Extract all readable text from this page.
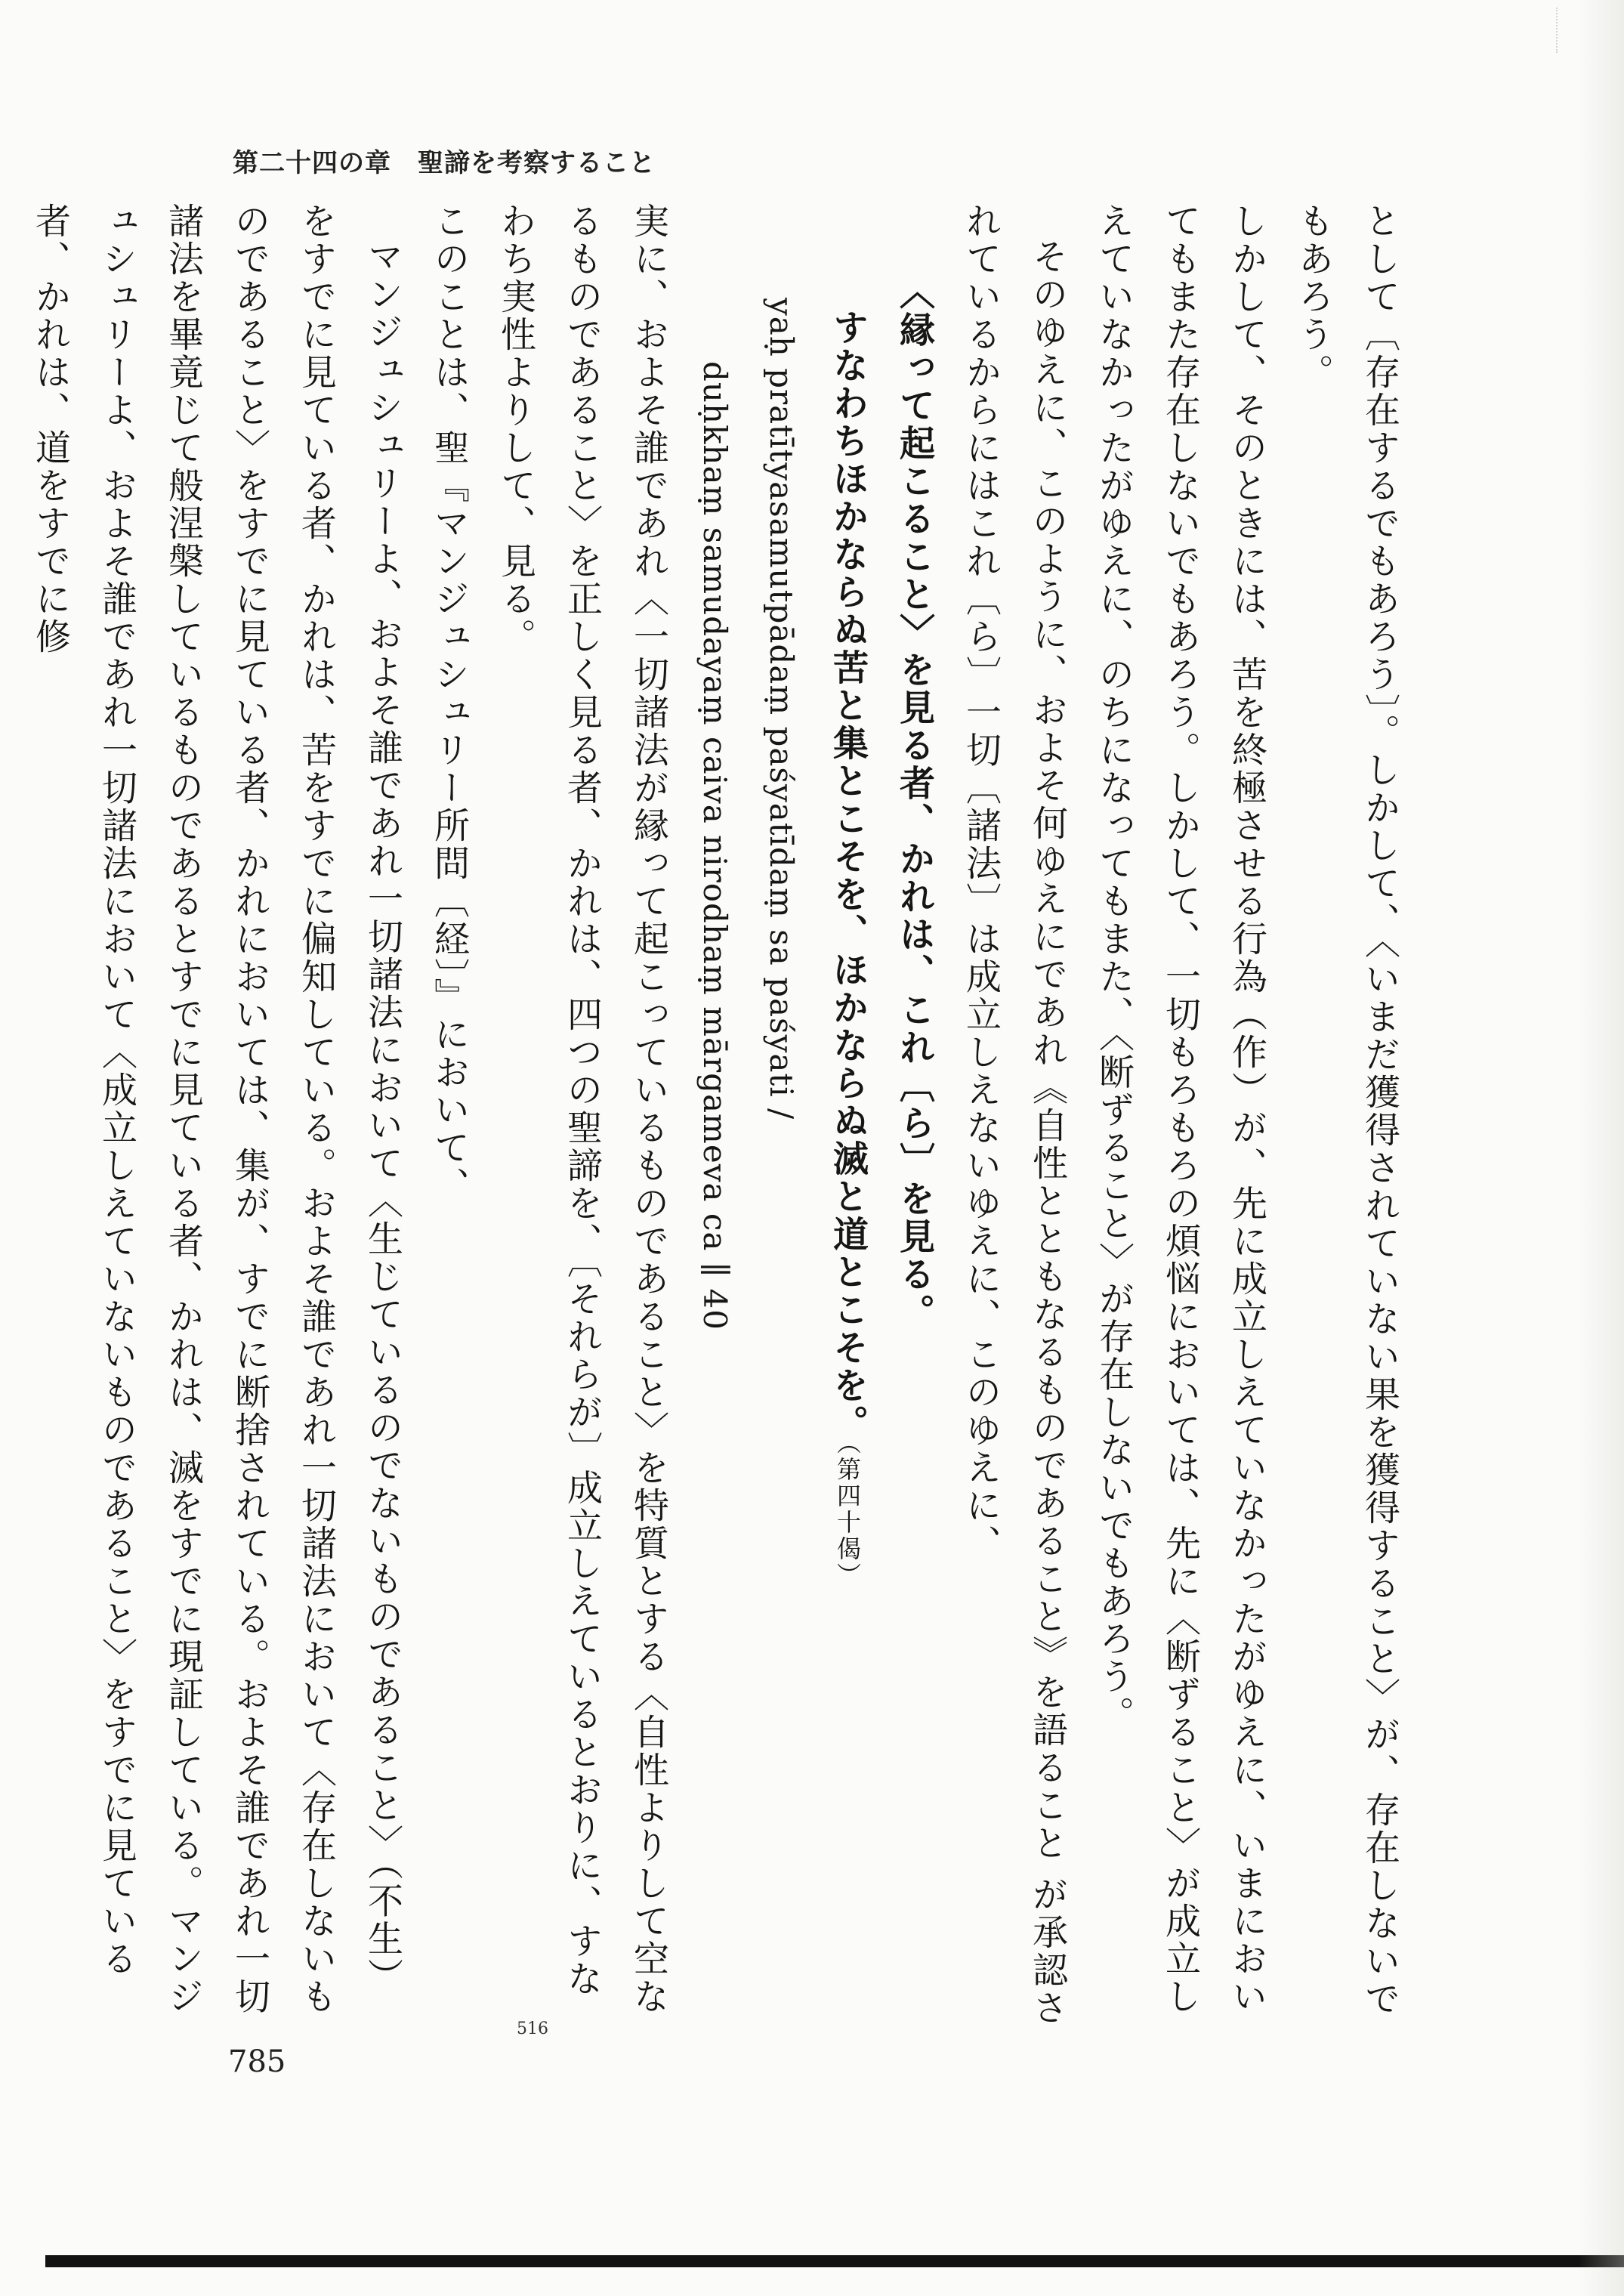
第二十四の章　聖諦を考察すること

として〔存在するでもあろう〕。しかして、〈いまだ獲得されていない果を獲得すること〉が、存在しないでもあろう。

しかして、そのときには、苦を終極させる行為（作）が、先に成立しえていなかったがゆえに、いまにおいてもまた存在しないでもあろう。しかして、一切もろもろの煩悩においては、先に〈断ずること〉が成立しえていなかったがゆえに、のちになってもまた、〈断ずること〉が存在しないでもあろう。

そのゆえに、このように、およそ何ゆえにであれ《自性とともなるものであること》を語ること が承認されているからにはこれ〔ら〕一切〔諸法〕は成立しえないゆえに、このゆえに、

〈縁って起こること〉を見る者、かれは、これ〔ら〕を見る。

すなわちほかならぬ苦と集とこそを、ほかならぬ滅と道とこそを。（第四十偈）

yaḥ pratītyasamutpādaṃ paśyatīdaṃ sa paśyati /

duḥkhaṃ samudayaṃ caiva nirodhaṃ mārgameva ca ∥ 40

実に、およそ誰であれ〈一切諸法が縁って起こっているものであること〉を特質とする〈自性よりして空なるものであること〉を正しく見る者、かれは、四つの聖諦を、〔それらが〕成立しえているとおりに、すなわち実性よりして、見る。

このことは、聖『マンジュシュリー所問〔経〕』において、

マンジュシュリーよ、およそ誰であれ一切諸法において〈生じているのでないものであること〉（不生）をすでに見ている者、かれは、苦をすでに偏知している。およそ誰であれ一切諸法において〈存在しないものであること〉をすでに見ている者、かれにおいては、集が、すでに断捨されている。およそ誰であれ一切諸法を畢竟じて般涅槃しているものであるとすでに見ている者、かれは、滅をすでに現証している。マンジュシュリーよ、およそ誰であれ一切諸法において〈成立しえていないものであること〉をすでに見ている者、かれは、道をすでに修

516
785
